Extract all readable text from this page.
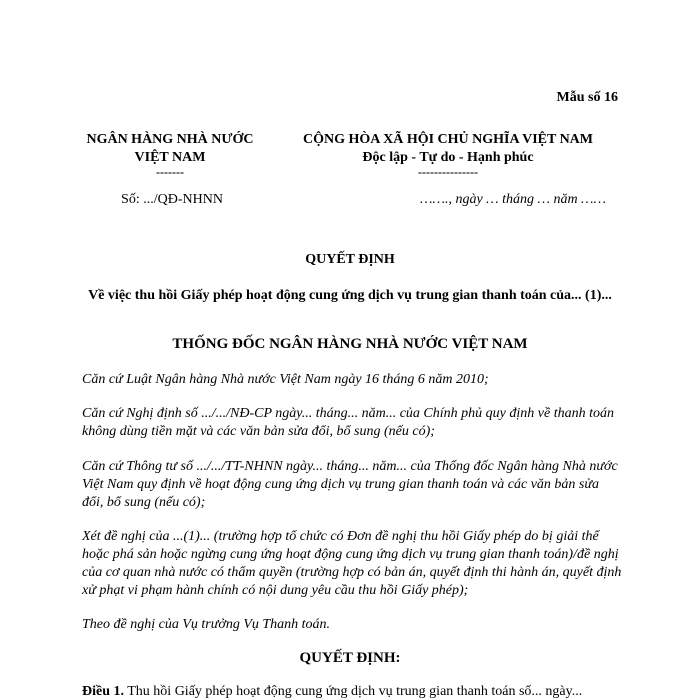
Mẫu số 16
NGÂN HÀNG NHÀ NƯỚC
VIỆT NAM
-------
CỘNG HÒA XÃ HỘI CHỦ NGHĨA VIỆT NAM
Độc lập - Tự do - Hạnh phúc
---------------
Số: .../QĐ-NHNN	……., ngày … tháng … năm ……
QUYẾT ĐỊNH
Về việc thu hồi Giấy phép hoạt động cung ứng dịch vụ trung gian thanh toán của... (1)...
THỐNG ĐỐC NGÂN HÀNG NHÀ NƯỚC VIỆT NAM
Căn cứ Luật Ngân hàng Nhà nước Việt Nam ngày 16 tháng 6 năm 2010;
Căn cứ Nghị định số .../.../NĐ-CP ngày... tháng... năm... của Chính phủ quy định về thanh toán không dùng tiền mặt và các văn bản sửa đổi, bổ sung (nếu có);
Căn cứ Thông tư số .../.../TT-NHNN ngày... tháng... năm... của Thống đốc Ngân hàng Nhà nước Việt Nam quy định về hoạt động cung ứng dịch vụ trung gian thanh toán và các văn bản sửa đổi, bổ sung (nếu có);
Xét đề nghị của ...(1)... (trường hợp tổ chức có Đơn đề nghị thu hồi Giấy phép do bị giải thể hoặc phá sản hoặc ngừng cung ứng hoạt động cung ứng dịch vụ trung gian thanh toán)/đề nghị của cơ quan nhà nước có thẩm quyền (trường hợp có bản án, quyết định thi hành án, quyết định xử phạt vi phạm hành chính có nội dung yêu cầu thu hồi Giấy phép);
Theo đề nghị của Vụ trưởng Vụ Thanh toán.
QUYẾT ĐỊNH:
Điều 1. Thu hồi Giấy phép hoạt động cung ứng dịch vụ trung gian thanh toán số... ngày...
